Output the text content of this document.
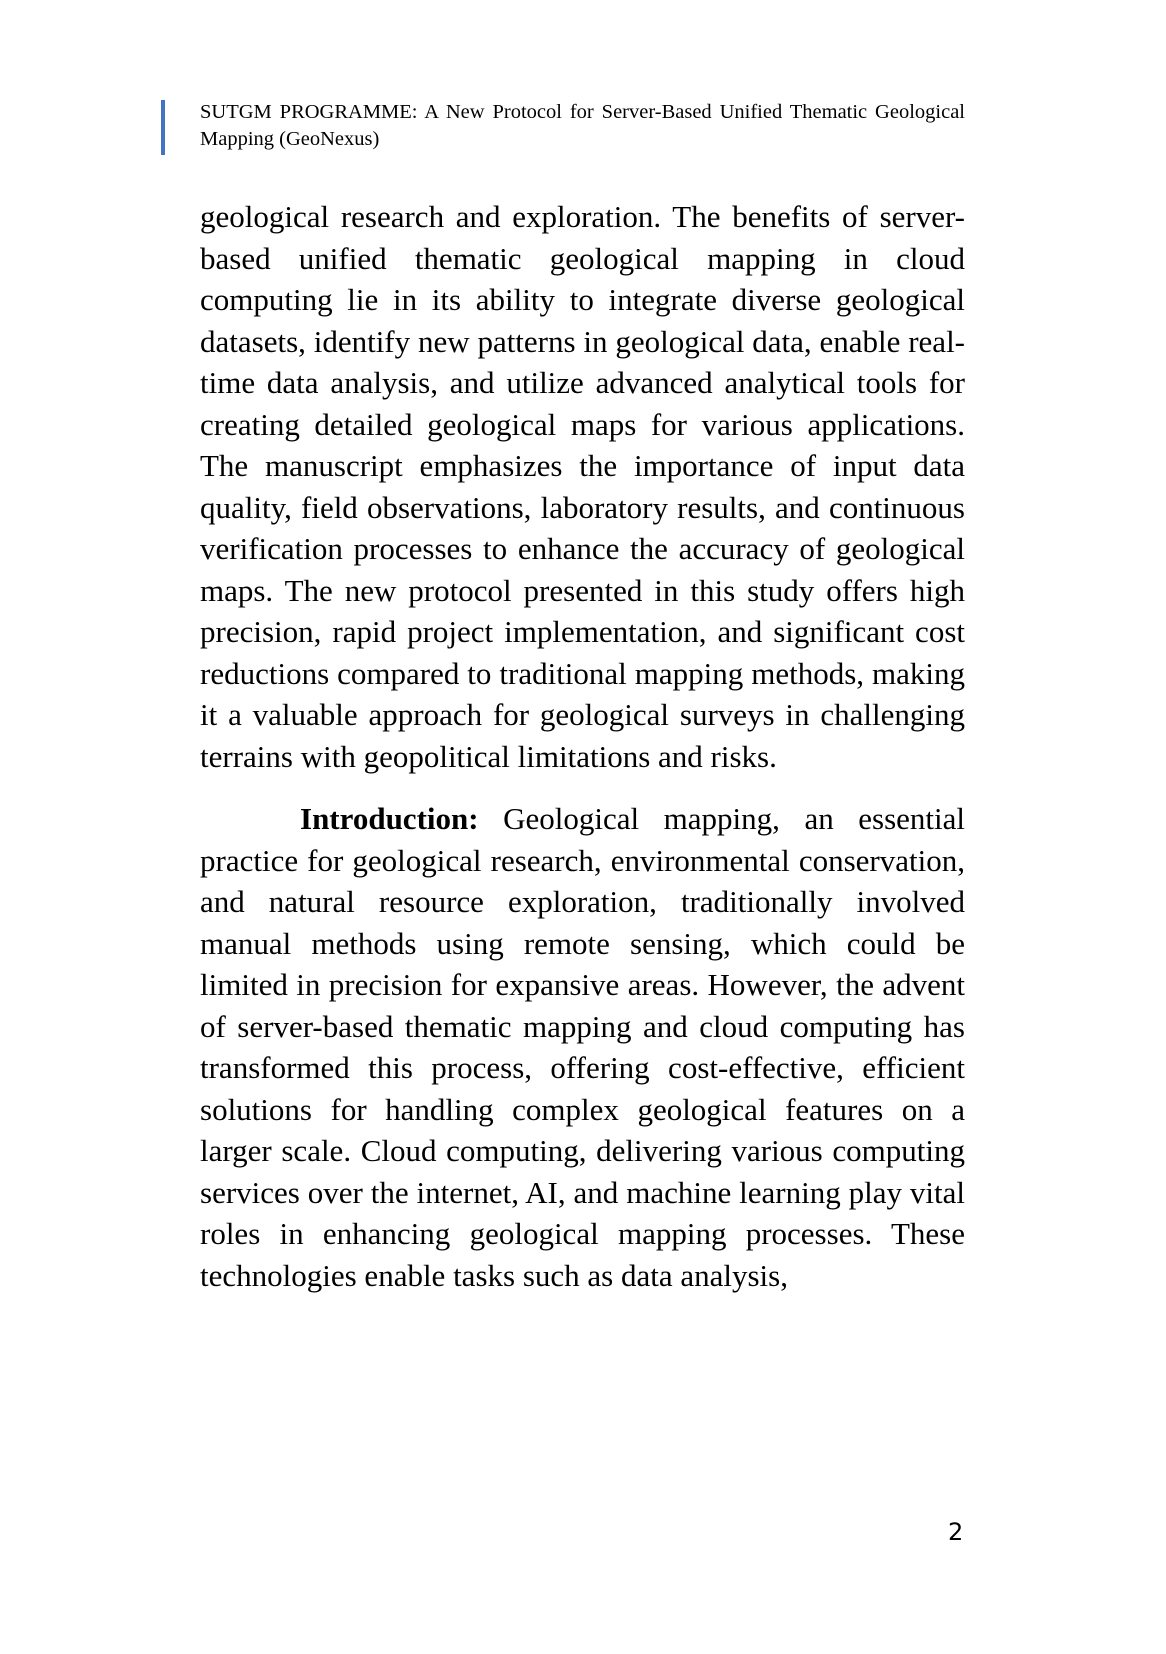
SUTGM PROGRAMME: A New Protocol for Server-Based Unified Thematic Geological Mapping (GeoNexus)

geological research and exploration. The benefits of server-based unified thematic geological mapping in cloud computing lie in its ability to integrate diverse geological datasets, identify new patterns in geological data, enable real-time data analysis, and utilize advanced analytical tools for creating detailed geological maps for various applications. The manuscript emphasizes the importance of input data quality, field observations, laboratory results, and continuous verification processes to enhance the accuracy of geological maps. The new protocol presented in this study offers high precision, rapid project implementation, and significant cost reductions compared to traditional mapping methods, making it a valuable approach for geological surveys in challenging terrains with geopolitical limitations and risks.

Introduction: Geological mapping, an essential practice for geological research, environmental conservation, and natural resource exploration, traditionally involved manual methods using remote sensing, which could be limited in precision for expansive areas. However, the advent of server-based thematic mapping and cloud computing has transformed this process, offering cost-effective, efficient solutions for handling complex geological features on a larger scale. Cloud computing, delivering various computing services over the internet, AI, and machine learning play vital roles in enhancing geological mapping processes. These technologies enable tasks such as data analysis,

2
